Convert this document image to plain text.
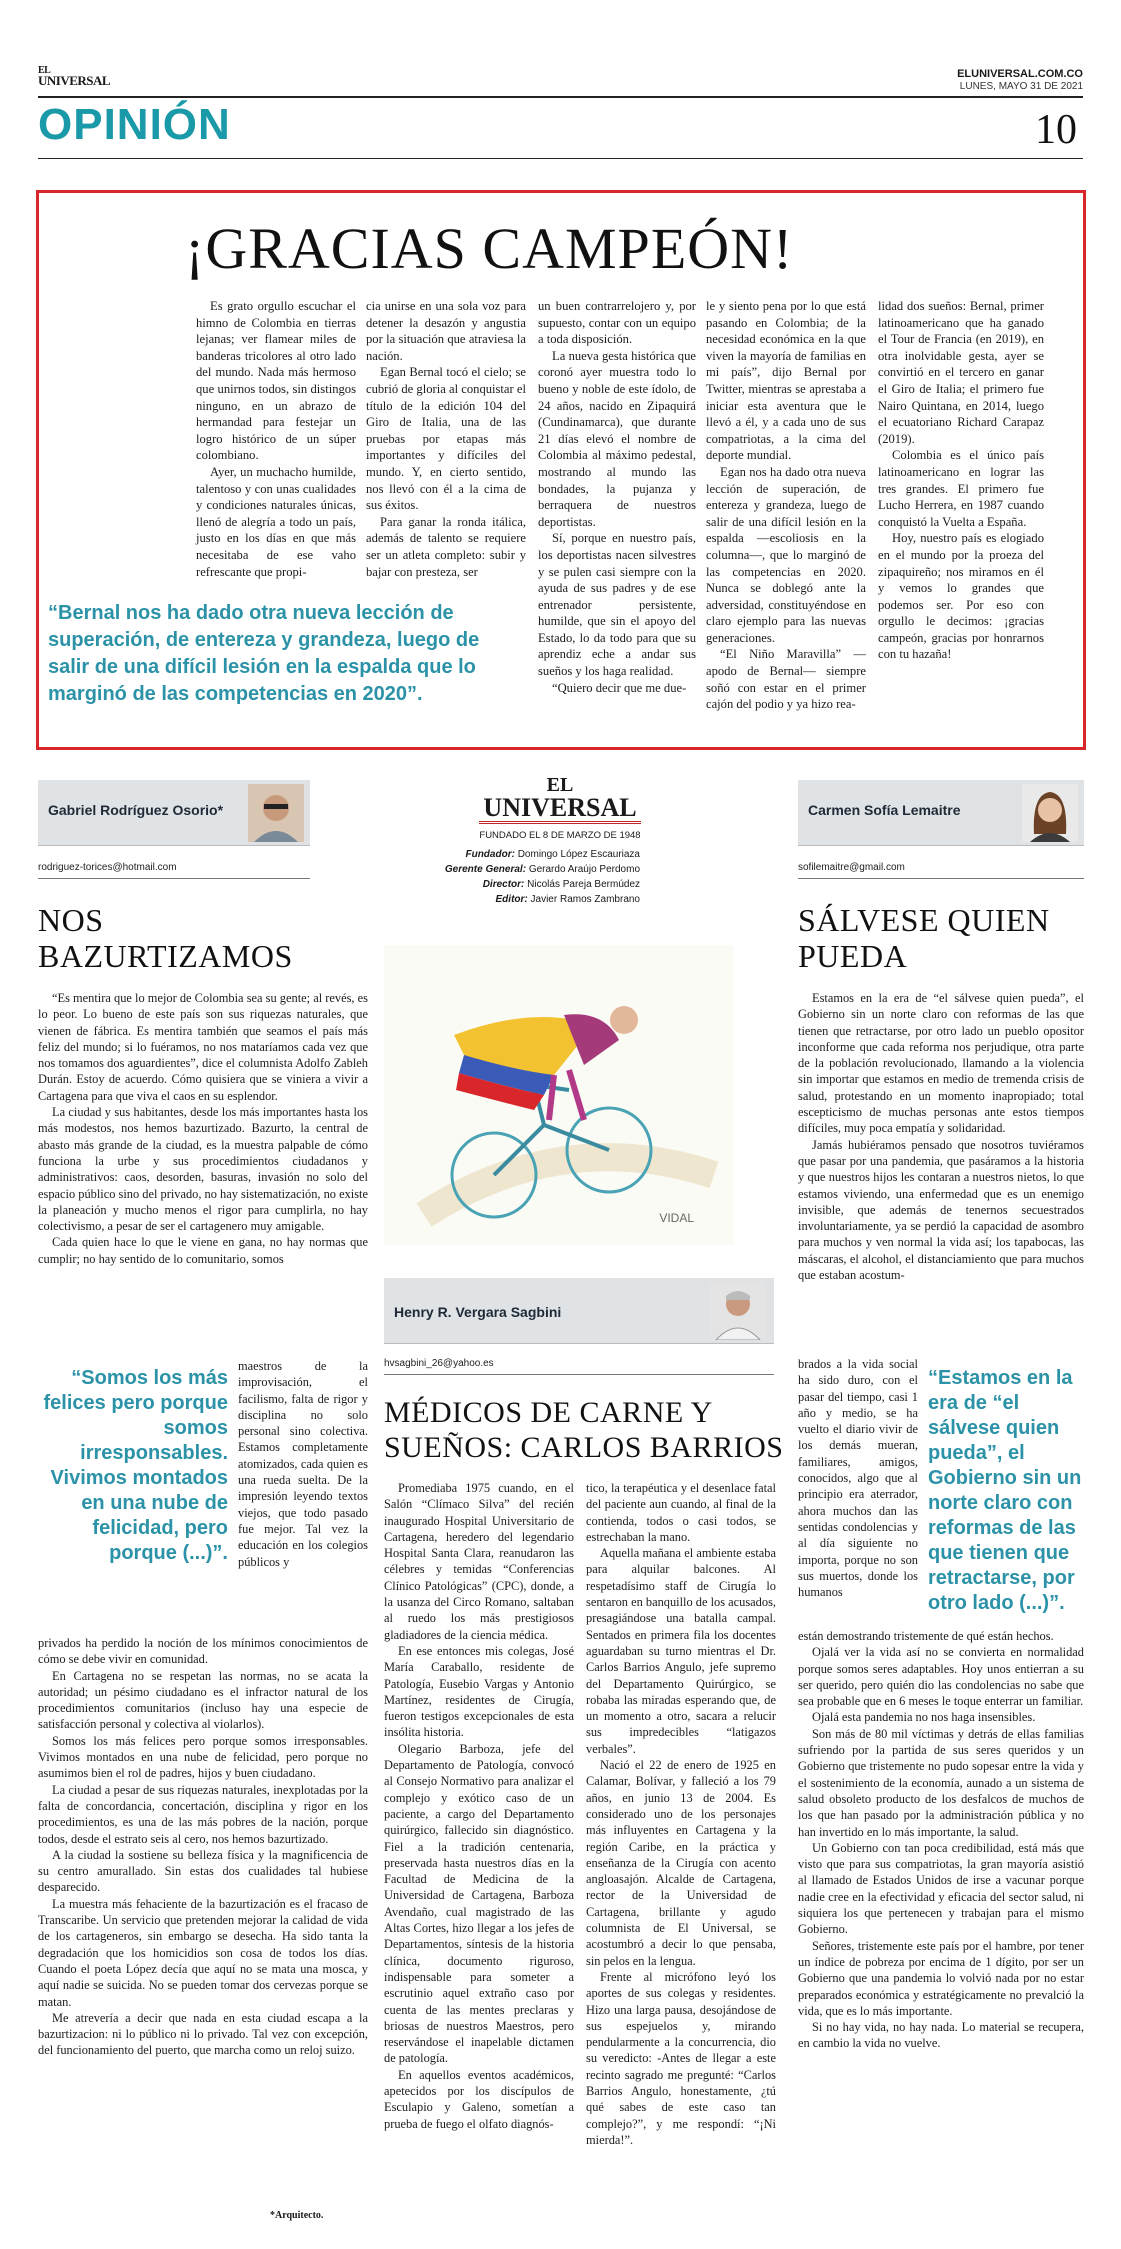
EL
UNIVERSAL	ELUNIVERSAL.COM.CO
LUNES, MAYO 31 DE 2021
OPINIÓN	10
¡GRACIAS CAMPEÓN!

Es grato orgullo escuchar el himno de Colombia en tierras lejanas; ver flamear miles de banderas tricolores al otro lado del mundo. Nada más hermoso que unirnos todos, sin distingos ninguno, en un abrazo de hermandad para festejar un logro histórico de un súper colombiano.

Ayer, un muchacho humilde, talentoso y con unas cualidades y condiciones naturales únicas, llenó de alegría a todo un país, justo en los días en que más necesitaba de ese vaho refrescante que propi-

cia unirse en una sola voz para detener la desazón y angustia por la situación que atraviesa la nación.

Egan Bernal tocó el cielo; se cubrió de gloria al conquistar el título de la edición 104 del Giro de Italia, una de las pruebas por etapas más importantes y difíciles del mundo. Y, en cierto sentido, nos llevó con él a la cima de sus éxitos.

Para ganar la ronda itálica, además de talento se requiere ser un atleta completo: subir y bajar con presteza, ser

un buen contrarrelojero y, por supuesto, contar con un equipo a toda disposición.

La nueva gesta histórica que coronó ayer muestra todo lo bueno y noble de este ídolo, de 24 años, nacido en Zipaquirá (Cundinamarca), que durante 21 días elevó el nombre de Colombia al máximo pedestal, mostrando al mundo las bondades, la pujanza y berraquera de nuestros deportistas.

Sí, porque en nuestro país, los deportistas nacen silvestres y se pulen casi siempre con la ayuda de sus padres y de ese entrenador persistente, humilde, que sin el apoyo del Estado, lo da todo para que su aprendiz eche a andar sus sueños y los haga realidad.

“Quiero decir que me due-

le y siento pena por lo que está pasando en Colombia; de la necesidad económica en la que viven la mayoría de familias en mi país”, dijo Bernal por Twitter, mientras se aprestaba a iniciar esta aventura que le llevó a él, y a cada uno de sus compatriotas, a la cima del deporte mundial.

Egan nos ha dado otra nueva lección de superación, de entereza y grandeza, luego de salir de una difícil lesión en la espalda —escoliosis en la columna—, que lo marginó de las competencias en 2020. Nunca se doblegó ante la adversidad, constituyéndose en claro ejemplo para las nuevas generaciones.

“El Niño Maravilla” —apodo de Bernal— siempre soñó con estar en el primer cajón del podio y ya hizo rea-

lidad dos sueños: Bernal, primer latinoamericano que ha ganado el Tour de Francia (en 2019), en otra inolvidable gesta, ayer se convirtió en el tercero en ganar el Giro de Italia; el primero fue Nairo Quintana, en 2014, luego el ecuatoriano Richard Carapaz (2019).

Colombia es el único país latinoamericano en lograr las tres grandes. El primero fue Lucho Herrera, en 1987 cuando conquistó la Vuelta a España.

Hoy, nuestro país es elogiado en el mundo por la proeza del zipaquireño; nos miramos en él y vemos lo grandes que podemos ser. Por eso con orgullo le decimos: ¡gracias campeón, gracias por honrarnos con tu hazaña!

“Bernal nos ha dado otra nueva lección de superación, de entereza y grandeza, luego de salir de una difícil lesión en la espalda que lo marginó de las competencias en 2020”.
Gabriel Rodríguez Osorio*
rodriguez-torices@hotmail.com
NOS BAZURTIZAMOS

“Es mentira que lo mejor de Colombia sea su gente; al revés, es lo peor. Lo bueno de este país son sus riquezas naturales, que vienen de fábrica. Es mentira también que seamos el país más feliz del mundo; si lo fuéramos, no nos mataríamos cada vez que nos tomamos dos aguardientes”, dice el columnista Adolfo Zableh Durán. Estoy de acuerdo. Cómo quisiera que se viniera a vivir a Cartagena para que viva el caos en su esplendor.

La ciudad y sus habitantes, desde los más importantes hasta los más modestos, nos hemos bazurtizado. Bazurto, la central de abasto más grande de la ciudad, es la muestra palpable de cómo funciona la urbe y sus procedimientos ciudadanos y administrativos: caos, desorden, basuras, invasión no solo del espacio público sino del privado, no hay sistematización, no existe la planeación y mucho menos el rigor para cumplirla, no hay colectivismo, a pesar de ser el cartagenero muy amigable.

Cada quien hace lo que le viene en gana, no hay normas que cumplir; no hay sentido de lo comunitario, somos

“Somos los más felices pero porque somos irresponsables. Vivimos montados en una nube de felicidad, pero porque (...)”.

maestros de la improvisación, el facilismo, falta de rigor y disciplina no solo personal sino colectiva. Estamos completamente atomizados, cada quien es una rueda suelta. De la impresión leyendo textos viejos, que todo pasado fue mejor. Tal vez la educación en los colegios públicos y

privados ha perdido la noción de los mínimos conocimientos de cómo se debe vivir en comunidad.

En Cartagena no se respetan las normas, no se acata la autoridad; un pésimo ciudadano es el infractor natural de los procedimientos comunitarios (incluso hay una especie de satisfacción personal y colectiva al violarlos).

Somos los más felices pero porque somos irresponsables. Vivimos montados en una nube de felicidad, pero porque no asumimos bien el rol de padres, hijos y buen ciudadano.

La ciudad a pesar de sus riquezas naturales, inexplotadas por la falta de concordancia, concertación, disciplina y rigor en los procedimientos, es una de las más pobres de la nación, porque todos, desde el estrato seis al cero, nos hemos bazurtizado.

A la ciudad la sostiene su belleza física y la magnificencia de su centro amurallado. Sin estas dos cualidades tal hubiese desparecido.

La muestra más fehaciente de la bazurtización es el fracaso de Transcaribe. Un servicio que pretenden mejorar la calidad de vida de los cartageneros, sin embargo se desecha. Ha sido tanta la degradación que los homicidios son cosa de todos los días. Cuando el poeta López decía que aquí no se mata una mosca, y aquí nadie se suicida. No se pueden tomar dos cervezas porque se matan.

Me atrevería a decir que nada en esta ciudad escapa a la bazurtizacion: ni lo público ni lo privado. Tal vez con excepción, del funcionamiento del puerto, que marcha como un reloj suizo.

*Arquitecto.
EL
UNIVERSAL
FUNDADO EL 8 DE MARZO DE 1948
Fundador: Domingo López Escauriaza
Gerente General: Gerardo Araújo Perdomo
Director: Nicolás Pareja Bermúdez
Editor: Javier Ramos Zambrano
VIDAL
Henry R. Vergara Sagbini
hvsagbini_26@yahoo.es
MÉDICOS DE CARNE Y SUEÑOS: CARLOS BARRIOS

Promediaba 1975 cuando, en el Salón “Clímaco Silva” del recién inaugurado Hospital Universitario de Cartagena, heredero del legendario Hospital Santa Clara, reanudaron las célebres y temidas “Conferencias Clínico Patológicas” (CPC), donde, a la usanza del Circo Romano, saltaban al ruedo los más prestigiosos gladiadores de la ciencia médica.

En ese entonces mis colegas, José María Caraballo, residente de Patología, Eusebio Vargas y Antonio Martínez, residentes de Cirugía, fueron testigos excepcionales de esta insólita historia.

Olegario Barboza, jefe del Departamento de Patología, convocó al Consejo Normativo para analizar el complejo y exótico caso de un paciente, a cargo del Departamento quirúrgico, fallecido sin diagnóstico. Fiel a la tradición centenaria, preservada hasta nuestros días en la Facultad de Medicina de la Universidad de Cartagena, Barboza Avendaño, cual magistrado de las Altas Cortes, hizo llegar a los jefes de Departamentos, síntesis de la historia clínica, documento riguroso, indispensable para someter a escrutinio aquel extraño caso por cuenta de las mentes preclaras y briosas de nuestros Maestros, pero reservándose el inapelable dictamen de patología.

En aquellos eventos académicos, apetecidos por los discípulos de Esculapio y Galeno, sometían a prueba de fuego el olfato diagnós-

tico, la terapéutica y el desenlace fatal del paciente aun cuando, al final de la contienda, todos o casi todos, se estrechaban la mano.

Aquella mañana el ambiente estaba para alquilar balcones. Al respetadísimo staff de Cirugía lo sentaron en banquillo de los acusados, presagiándose una batalla campal. Sentados en primera fila los docentes aguardaban su turno mientras el Dr. Carlos Barrios Angulo, jefe supremo del Departamento Quirúrgico, se robaba las miradas esperando que, de un momento a otro, sacara a relucir sus impredecibles “latigazos verbales”.

Nació el 22 de enero de 1925 en Calamar, Bolívar, y falleció a los 79 años, en junio 13 de 2004. Es considerado uno de los personajes más influyentes en Cartagena y la región Caribe, en la práctica y enseñanza de la Cirugía con acento angloasajón. Alcalde de Cartagena, rector de la Universidad de Cartagena, brillante y agudo columnista de El Universal, se acostumbró a decir lo que pensaba, sin pelos en la lengua.

Frente al micrófono leyó los aportes de sus colegas y residentes. Hizo una larga pausa, desojándose de sus espejuelos y, mirando pendularmente a la concurrencia, dio su veredicto: -Antes de llegar a este recinto sagrado me pregunté: “Carlos Barrios Angulo, honestamente, ¿tú qué sabes de este caso tan complejo?”, y me respondí: “¡Ni mierda!”.

Carmen Sofía Lemaitre
sofilemaitre@gmail.com
SÁLVESE QUIEN PUEDA

Estamos en la era de “el sálvese quien pueda”, el Gobierno sin un norte claro con reformas de las que tienen que retractarse, por otro lado un pueblo opositor inconforme que cada reforma nos perjudique, otra parte de la población revolucionado, llamando a la violencia sin importar que estamos en medio de tremenda crisis de salud, protestando en un momento inapropiado; total escepticismo de muchas personas ante estos tiempos difíciles, muy poca empatía y solidaridad.

Jamás hubiéramos pensado que nosotros tuviéramos que pasar por una pandemia, que pasáramos a la historia y que nuestros hijos les contaran a nuestros nietos, lo que estamos viviendo, una enfermedad que es un enemigo invisible, que además de tenernos secuestrados involuntariamente, ya se perdió la capacidad de asombro para muchos y ven normal la vida así; los tapabocas, las máscaras, el alcohol, el distanciamiento que para muchos que estaban acostum-

brados a la vida social ha sido duro, con el pasar del tiempo, casi 1 año y medio, se ha vuelto el diario vivir de los demás mueran, familiares, amigos, conocidos, algo que al principio era aterrador, ahora muchos dan las sentidas condolencias y al día siguiente no importa, porque no son sus muertos, donde los humanos

“Estamos en la era de “el sálvese quien pueda”, el Gobierno sin un norte claro con reformas de las que tienen que retractarse, por otro lado (...)”.

están demostrando tristemente de qué están hechos.

Ojalá ver la vida así no se convierta en normalidad porque somos seres adaptables. Hoy unos entierran a su ser querido, pero quién dio las condolencias no sabe que sea probable que en 6 meses le toque enterrar un familiar.

Ojalá esta pandemia no nos haga insensibles.

Son más de 80 mil víctimas y detrás de ellas familias sufriendo por la partida de sus seres queridos y un Gobierno que tristemente no pudo sopesar entre la vida y el sostenimiento de la economía, aunado a un sistema de salud obsoleto producto de los desfalcos de muchos de los que han pasado por la administración pública y no han invertido en lo más importante, la salud.

Un Gobierno con tan poca credibilidad, está más que visto que para sus compatriotas, la gran mayoría asistió al llamado de Estados Unidos de irse a vacunar porque nadie cree en la efectividad y eficacia del sector salud, ni siquiera los que pertenecen y trabajan para el mismo Gobierno.

Señores, tristemente este país por el hambre, por tener un índice de pobreza por encima de 1 dígito, por ser un Gobierno que una pandemia lo volvió nada por no estar preparados económica y estratégicamente no prevalció la vida, que es lo más importante.

Si no hay vida, no hay nada. Lo material se recupera, en cambio la vida no vuelve.
